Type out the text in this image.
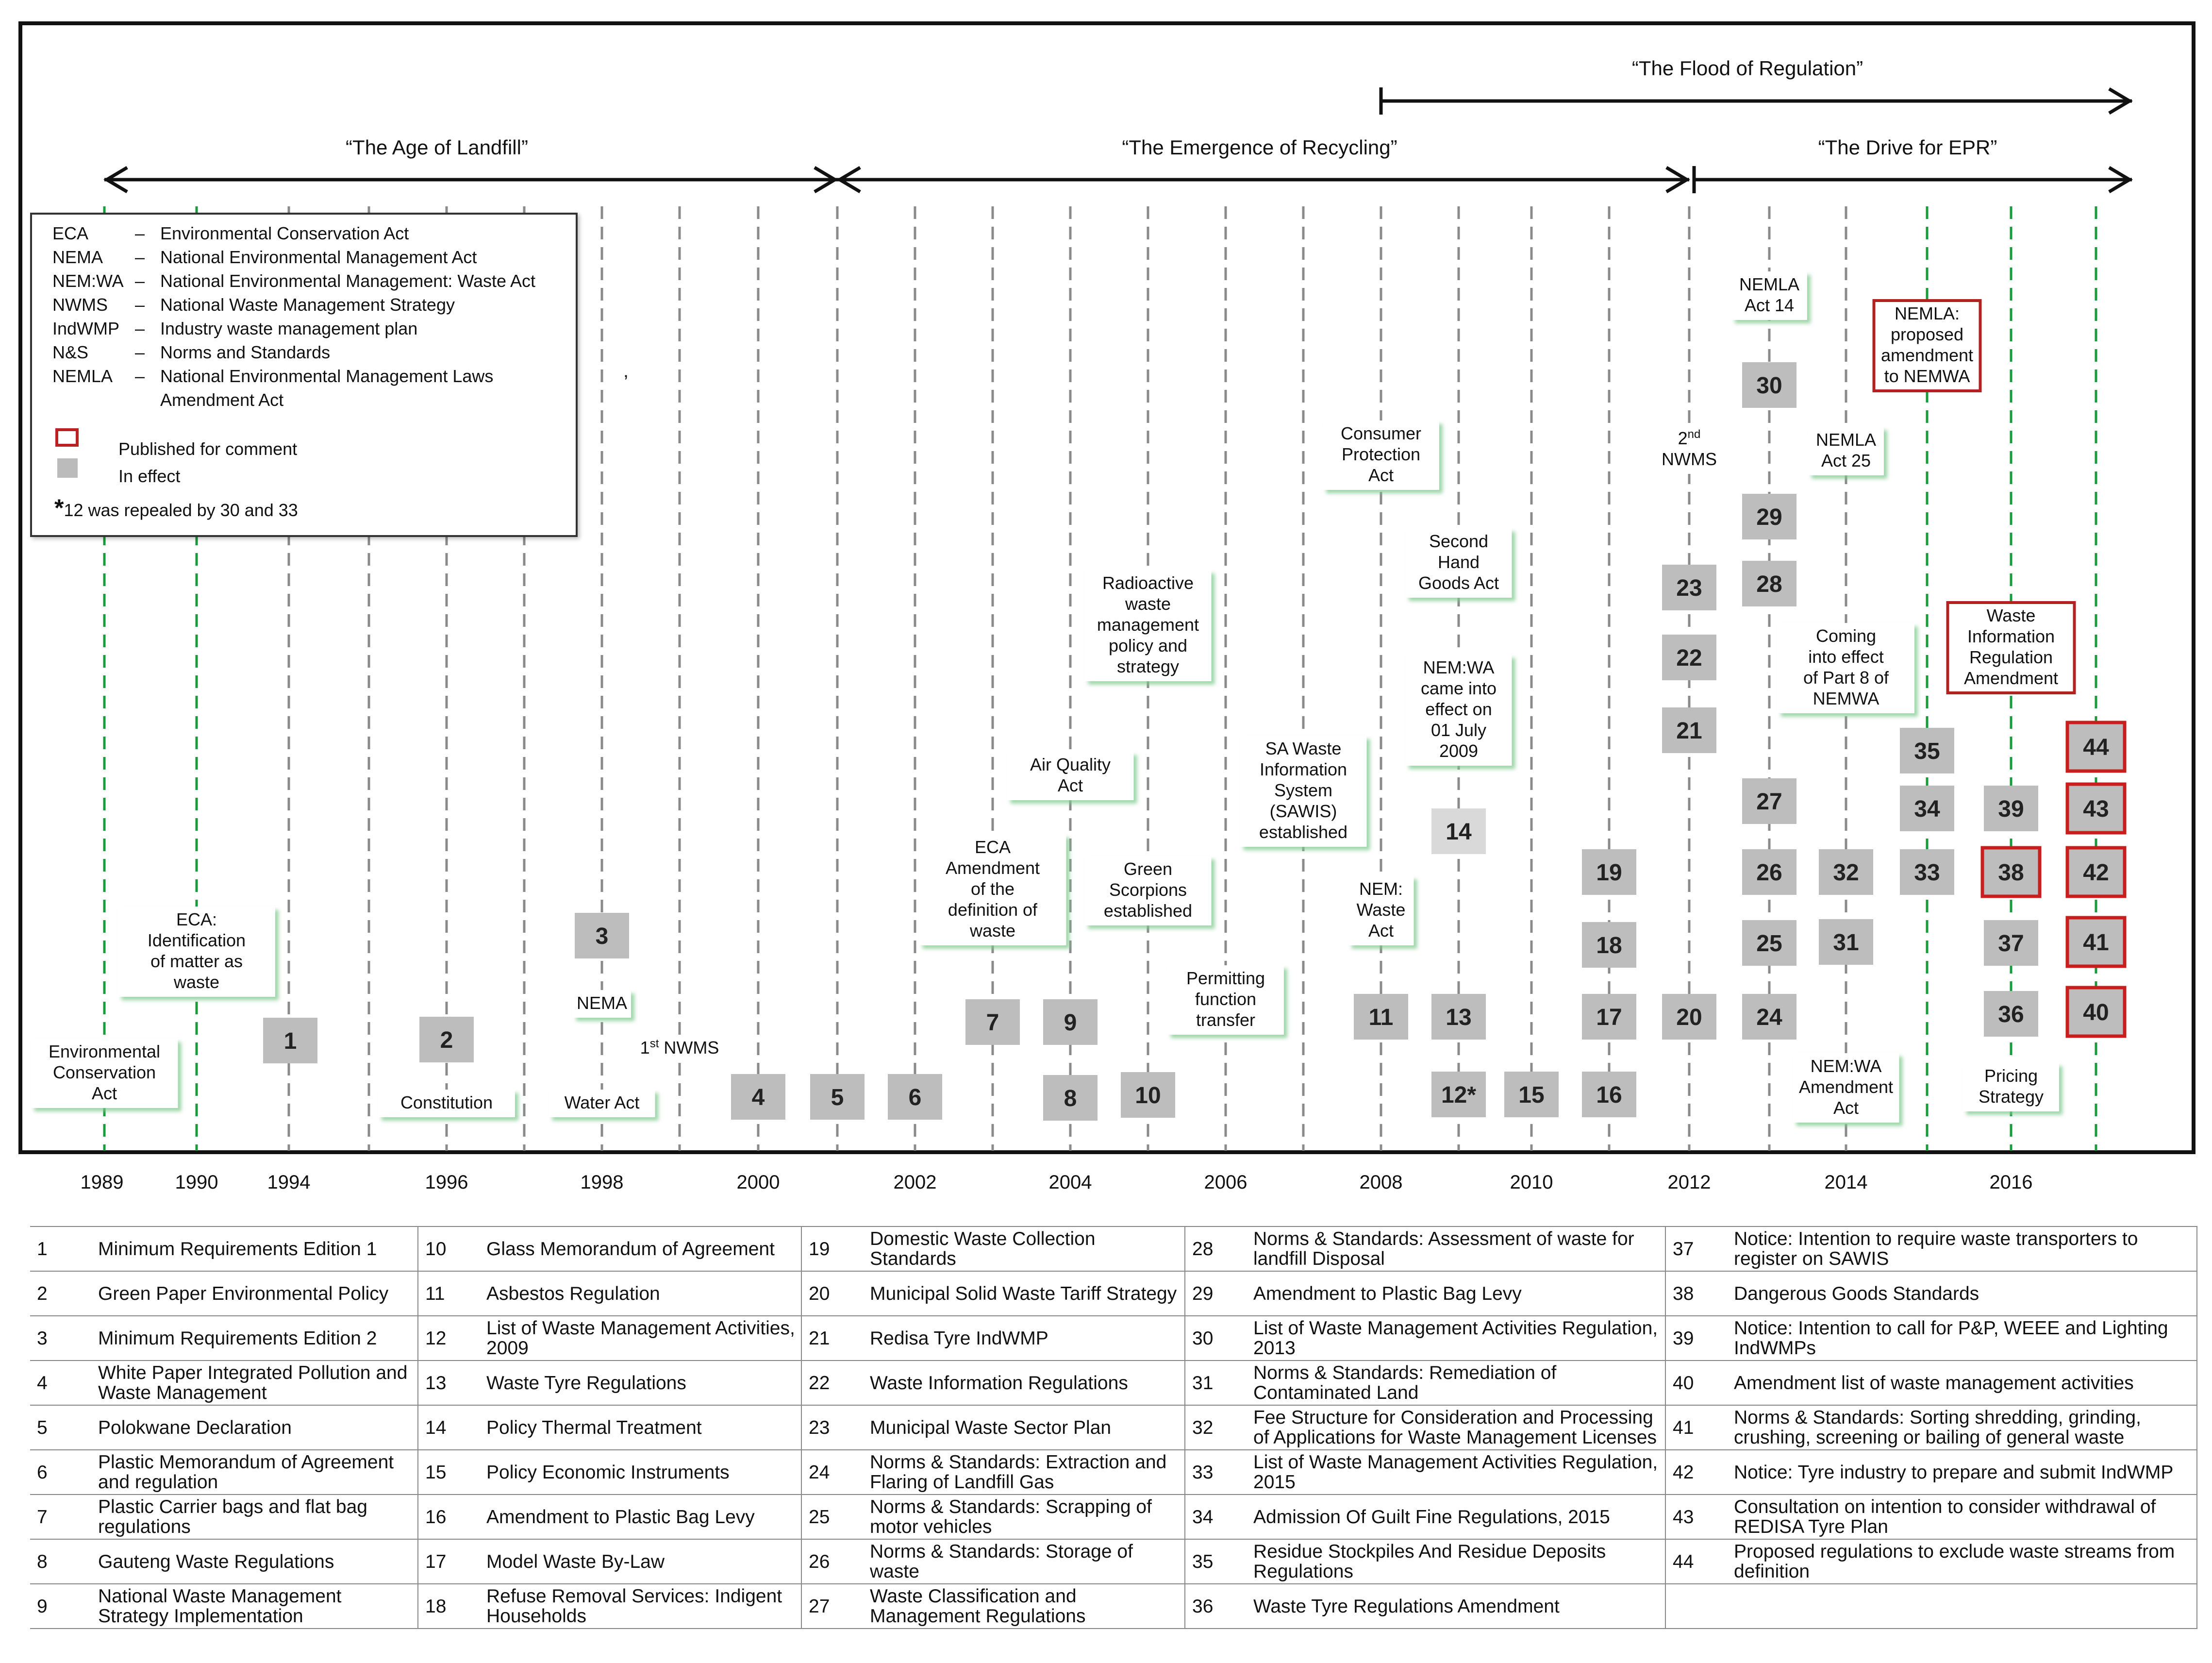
“The Age of Landfill”	“The Emergence of Recycling”	“The Drive for EPR”
“The Flood of Regulation”
1989	1990	1994	1996	1998	2000	2002	2004	2006	2008	2010	2012	2014	2016
Environmental Conservation Act
ECA: Identification of matter as waste
Constitution
NEMA
Water Act
1st NWMS
ECA Amendment of the definition of waste
Air Quality Act
Radioactive waste management policy and strategy
Green Scorpions established
Permitting function transfer
SA Waste Information System (SAWIS) established
Consumer Protection Act
NEM: Waste Act
Second Hand Goods Act
NEM:WA came into effect on 01 July 2009
2nd NWMS
NEMLA Act 14
NEMLA Act 25
Coming into effect of Part 8 of NEMWA
NEM:WA Amendment Act
NEMLA: proposed amendment to NEMWA
Waste Information Regulation Amendment
Pricing Strategy
1	2
3
4	5	6
7
8
9
10
11
12*
13
14
15 16
17
18
19
20
21
22
23
24
25
26
27
28
29
30
31
32 33
34
35
36
37
38
39
40
41
42
43
44
’
ECA	– Environmental Conservation Act
NEMA – National Environmental Management Act
NEM:WA – National Environmental Management: Waste Act
NWMS – National Waste Management Strategy
IndWMP – Industry waste management plan
N&S	– Norms and Standards
NEMLA – National Environmental Management Laws
Amendment Act
Published for comment
In effect
*12 was repealed by 30 and 33
1	Minimum Requirements Edition 1	10	Glass Memorandum of Agreement	19	Domestic Waste Collection Standards	28	Norms & Standards: Assessment of waste for landfill Disposal	37	Notice: Intention to require waste transporters to register on SAWIS
2	Green Paper Environmental Policy	11	Asbestos Regulation	20	Municipal Solid Waste Tariff Strategy	29	Amendment to Plastic Bag Levy	38	Dangerous Goods Standards
3	Minimum Requirements Edition 2	12	List of Waste Management Activities, 2009	21	Redisa Tyre IndWMP	30	List of Waste Management Activities Regulation, 2013	39	Notice: Intention to call for P&P, WEEE and Lighting IndWMPs
4	White Paper Integrated Pollution and Waste Management	13	Waste Tyre Regulations	22	Waste Information Regulations	31	Norms & Standards: Remediation of Contaminated Land	40	Amendment list of waste management activities
5	Polokwane Declaration	14	Policy Thermal Treatment	23	Municipal Waste Sector Plan	32	Fee Structure for Consideration and Processing of Applications for Waste Management Licenses	41	Norms & Standards: Sorting shredding, grinding, crushing, screening or bailing of general waste
6	Plastic Memorandum of Agreement and regulation	15	Policy Economic Instruments	24	Norms & Standards: Extraction and Flaring of Landfill Gas	33	List of Waste Management Activities Regulation, 2015	42	Notice: Tyre industry to prepare and submit IndWMP
7	Plastic Carrier bags and flat bag regulations	16	Amendment to Plastic Bag Levy	25	Norms & Standards: Scrapping of motor vehicles	34	Admission Of Guilt Fine Regulations, 2015	43	Consultation on intention to consider withdrawal of REDISA Tyre Plan
8	Gauteng Waste Regulations	17	Model Waste By-Law	26	Norms & Standards: Storage of waste	35	Residue Stockpiles And Residue Deposits Regulations	44	Proposed regulations to exclude waste streams from definition
9	National Waste Management Strategy Implementation	18	Refuse Removal Services: Indigent Households	27	Waste Classification and Management Regulations	36	Waste Tyre Regulations Amendment		
